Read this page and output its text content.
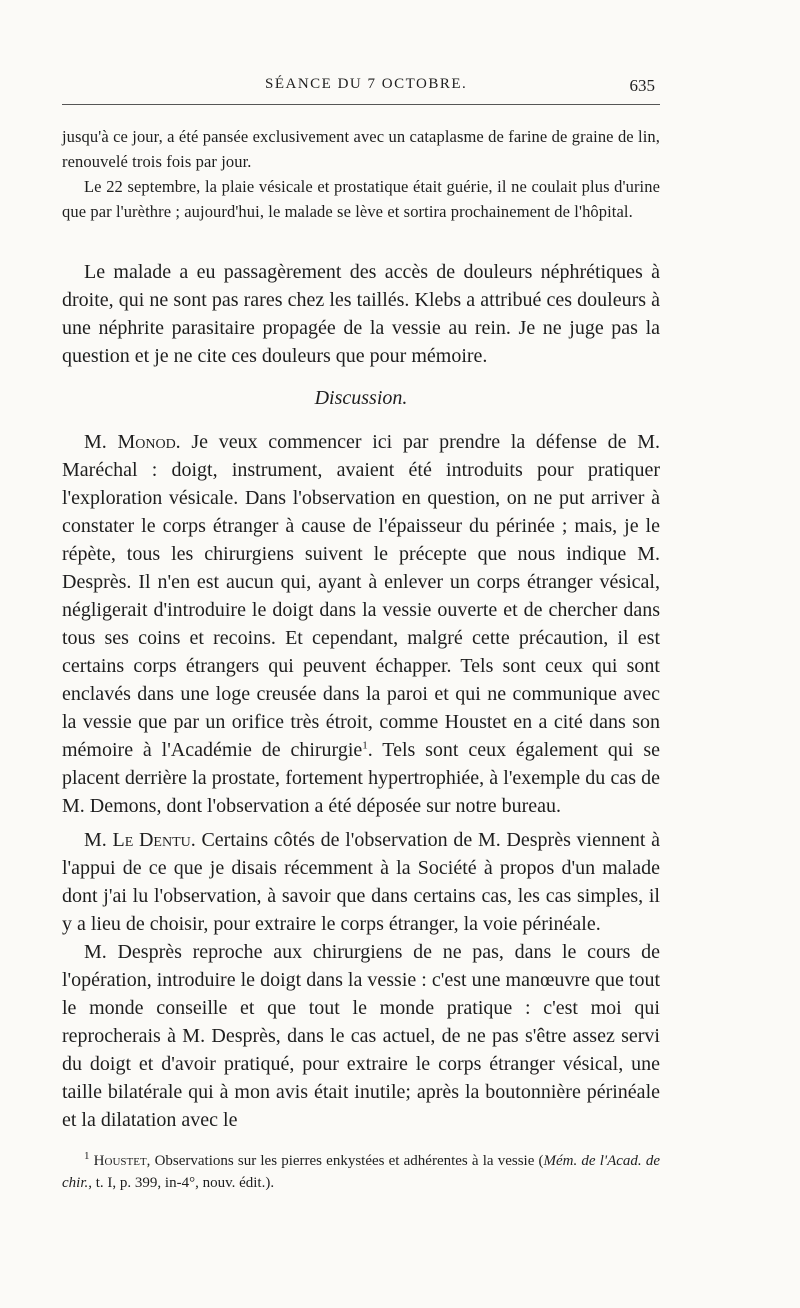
SÉANCE DU 7 OCTOBRE.	635

jusqu'à ce jour, a été pansée exclusivement avec un cataplasme de farine de graine de lin, renouvelé trois fois par jour.

Le 22 septembre, la plaie vésicale et prostatique était guérie, il ne coulait plus d'urine que par l'urèthre ; aujourd'hui, le malade se lève et sortira prochainement de l'hôpital.

Le malade a eu passagèrement des accès de douleurs néphrétiques à droite, qui ne sont pas rares chez les taillés. Klebs a attribué ces douleurs à une néphrite parasitaire propagée de la vessie au rein. Je ne juge pas la question et je ne cite ces douleurs que pour mémoire.

Discussion.

M. Monod. Je veux commencer ici par prendre la défense de M. Maréchal : doigt, instrument, avaient été introduits pour pratiquer l'exploration vésicale. Dans l'observation en question, on ne put arriver à constater le corps étranger à cause de l'épaisseur du périnée ; mais, je le répète, tous les chirurgiens suivent le précepte que nous indique M. Desprès. Il n'en est aucun qui, ayant à enlever un corps étranger vésical, négligerait d'introduire le doigt dans la vessie ouverte et de chercher dans tous ses coins et recoins. Et cependant, malgré cette précaution, il est certains corps étrangers qui peuvent échapper. Tels sont ceux qui sont enclavés dans une loge creusée dans la paroi et qui ne communique avec la vessie que par un orifice très étroit, comme Houstet en a cité dans son mémoire à l'Académie de chirurgie$^1$. Tels sont ceux également qui se placent derrière la prostate, fortement hypertrophiée, à l'exemple du cas de M. Demons, dont l'observation a été déposée sur notre bureau.

M. Le Dentu. Certains côtés de l'observation de M. Desprès viennent à l'appui de ce que je disais récemment à la Société à propos d'un malade dont j'ai lu l'observation, à savoir que dans certains cas, les cas simples, il y a lieu de choisir, pour extraire le corps étranger, la voie périnéale.

M. Desprès reproche aux chirurgiens de ne pas, dans le cours de l'opération, introduire le doigt dans la vessie : c'est une manœuvre que tout le monde conseille et que tout le monde pratique : c'est moi qui reprocherais à M. Desprès, dans le cas actuel, de ne pas s'être assez servi du doigt et d'avoir pratiqué, pour extraire le corps étranger vésical, une taille bilatérale qui à mon avis était inutile; après la boutonnière périnéale et la dilatation avec le

$^1$ Houstet, Observations sur les pierres enkystées et adhérentes à la vessie (Mém. de l'Acad. de chir., t. I, p. 399, in-4°, nouv. édit.).
